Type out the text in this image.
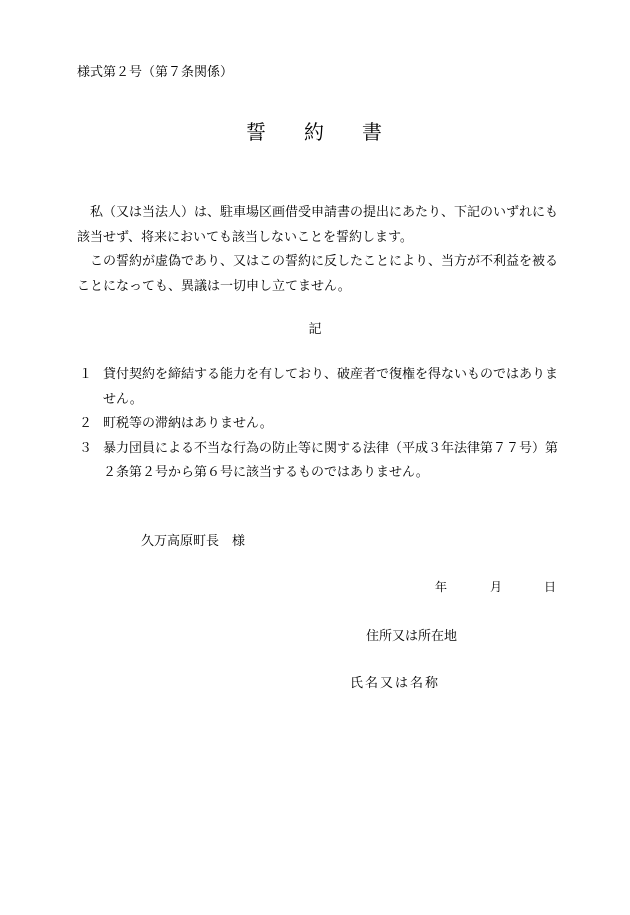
様式第２号（第７条関係）
誓 約 書

私（又は当法人）は、駐車場区画借受申請書の提出にあたり、下記のいずれにも該当せず、将来においても該当しないことを誓約します。

この誓約が虚偽であり、又はこの誓約に反したことにより、当方が不利益を被ることになっても、異議は一切申し立てません。

記
１ 貸付契約を締結する能力を有しており、破産者で復権を得ないものではありません。
２ 町税等の滞納はありません。
３ 暴力団員による不当な行為の防止等に関する法律（平成３年法律第７７号）第２条第２号から第６号に該当するものではありません。
久万高原町長　様
年	月	日
住所又は所在地
氏名又は名称
